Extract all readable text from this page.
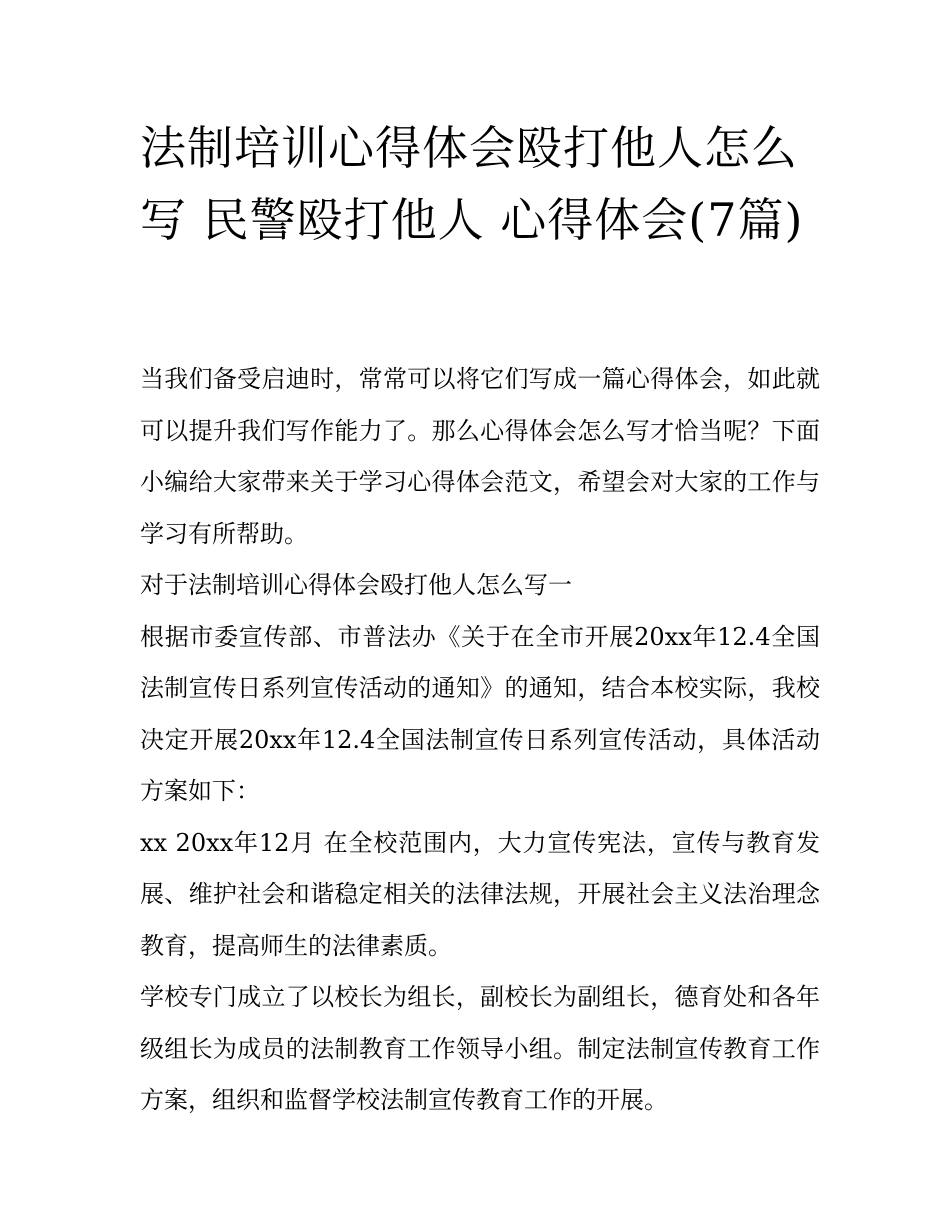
法制培训心得体会殴打他人怎么写 民警殴打他人 心得体会(7篇)

当我们备受启迪时，常常可以将它们写成一篇心得体会，如此就可以提升我们写作能力了。那么心得体会怎么写才恰当呢？下面小编给大家带来关于学习心得体会范文，希望会对大家的工作与学习有所帮助。

对于法制培训心得体会殴打他人怎么写一

根据市委宣传部、市普法办《关于在全市开展20xx年12.4全国法制宣传日系列宣传活动的通知》的通知，结合本校实际，我校决定开展20xx年12.4全国法制宣传日系列宣传活动，具体活动方案如下：

xx 20xx年12月 在全校范围内，大力宣传宪法，宣传与教育发展、维护社会和谐稳定相关的法律法规，开展社会主义法治理念教育，提高师生的法律素质。

学校专门成立了以校长为组长，副校长为副组长，德育处和各年级组长为成员的法制教育工作领导小组。制定法制宣传教育工作方案，组织和监督学校法制宣传教育工作的开展。
